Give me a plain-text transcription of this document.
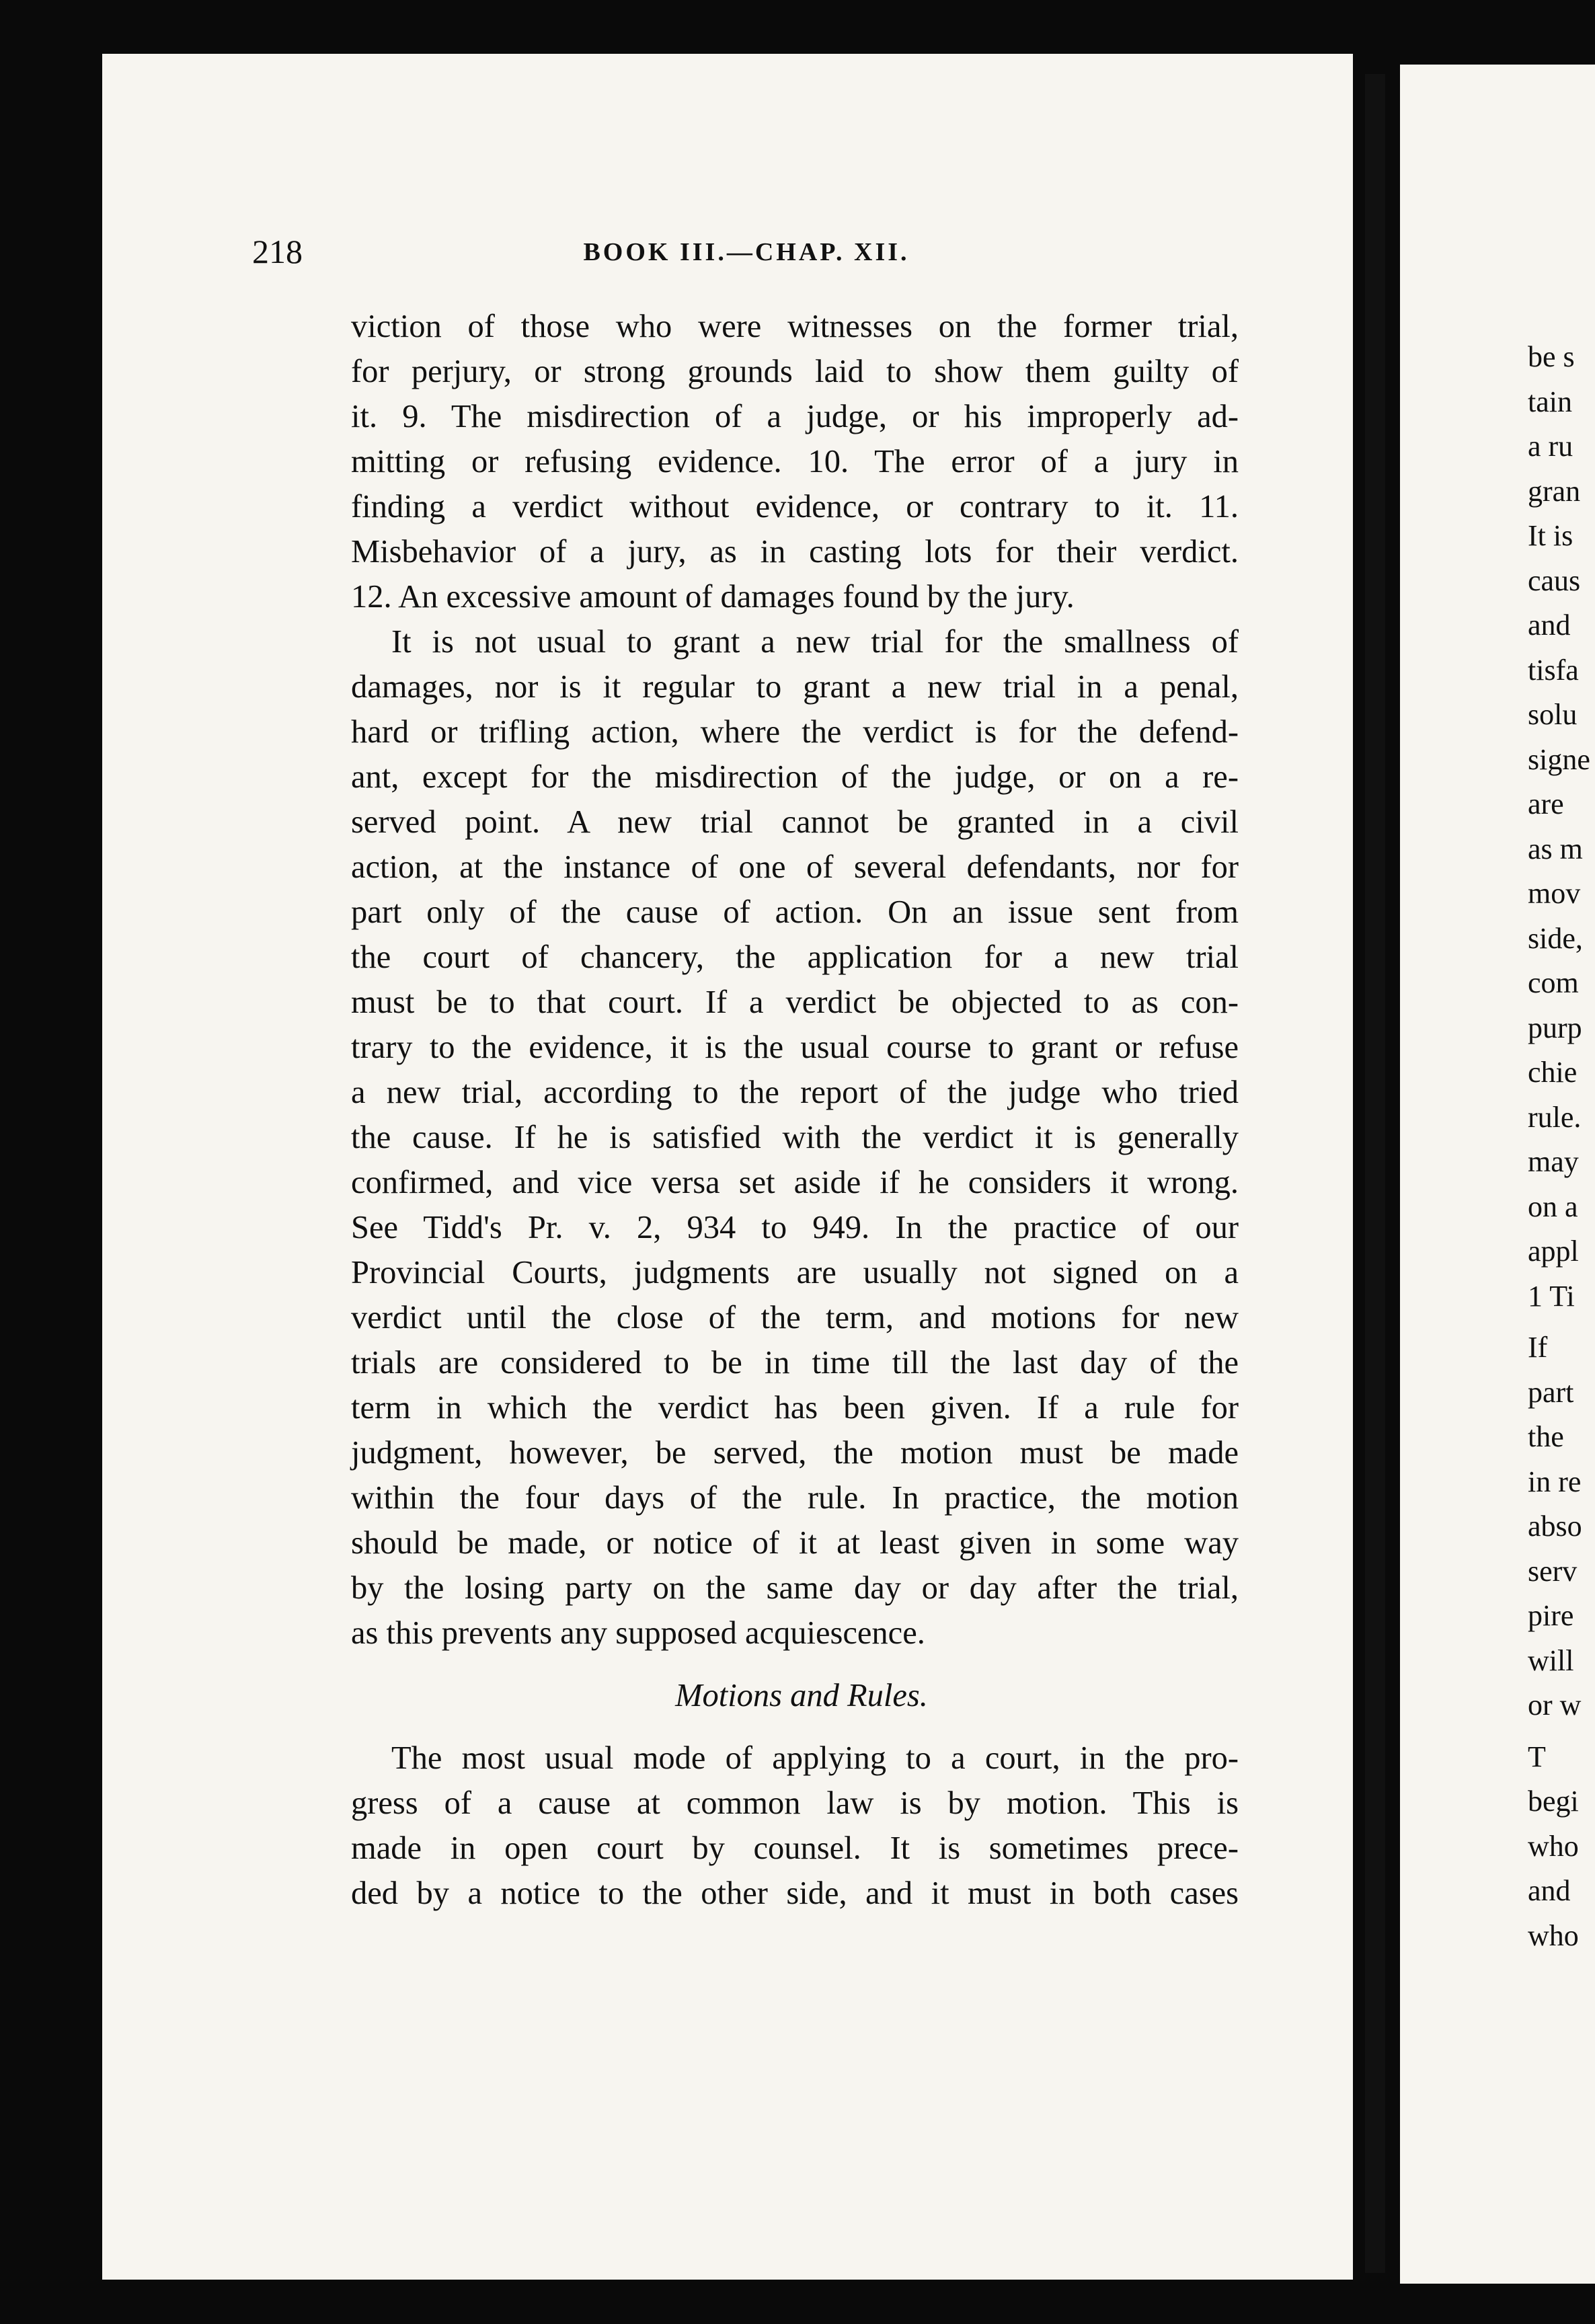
218	BOOK III.—CHAP. XII.
viction of those who were witnesses on the former trial,
for perjury, or strong grounds laid to show them guilty of
it. 9. The misdirection of a judge, or his improperly ad-
mitting or refusing evidence. 10. The error of a jury in
finding a verdict without evidence, or contrary to it. 11.
Misbehavior of a jury, as in casting lots for their verdict.
12. An excessive amount of damages found by the jury.
It is not usual to grant a new trial for the smallness of
damages, nor is it regular to grant a new trial in a penal,
hard or trifling action, where the verdict is for the defend-
ant, except for the misdirection of the judge, or on a re-
served point. A new trial cannot be granted in a civil
action, at the instance of one of several defendants, nor for
part only of the cause of action. On an issue sent from
the court of chancery, the application for a new trial
must be to that court. If a verdict be objected to as con-
trary to the evidence, it is the usual course to grant or refuse
a new trial, according to the report of the judge who tried
the cause. If he is satisfied with the verdict it is generally
confirmed, and vice versa set aside if he considers it wrong.
See Tidd's Pr. v. 2, 934 to 949. In the practice of our
Provincial Courts, judgments are usually not signed on a
verdict until the close of the term, and motions for new
trials are considered to be in time till the last day of the
term in which the verdict has been given. If a rule for
judgment, however, be served, the motion must be made
within the four days of the rule. In practice, the motion
should be made, or notice of it at least given in some way
by the losing party on the same day or day after the trial,
as this prevents any supposed acquiescence.
Motions and Rules.
The most usual mode of applying to a court, in the pro-
gress of a cause at common law is by motion. This is
made in open court by counsel. It is sometimes prece-
ded by a notice to the other side, and it must in both cases
be s
tain
a ru
gran
It is
caus
and
tisfa
solu
signe
are
as m
mov
side,
com
purp
chie
rule.
may
on a
appl
1 Ti
If
part
the
in re
abso
serv
pire
will
or w
T
begi
who
and
who
